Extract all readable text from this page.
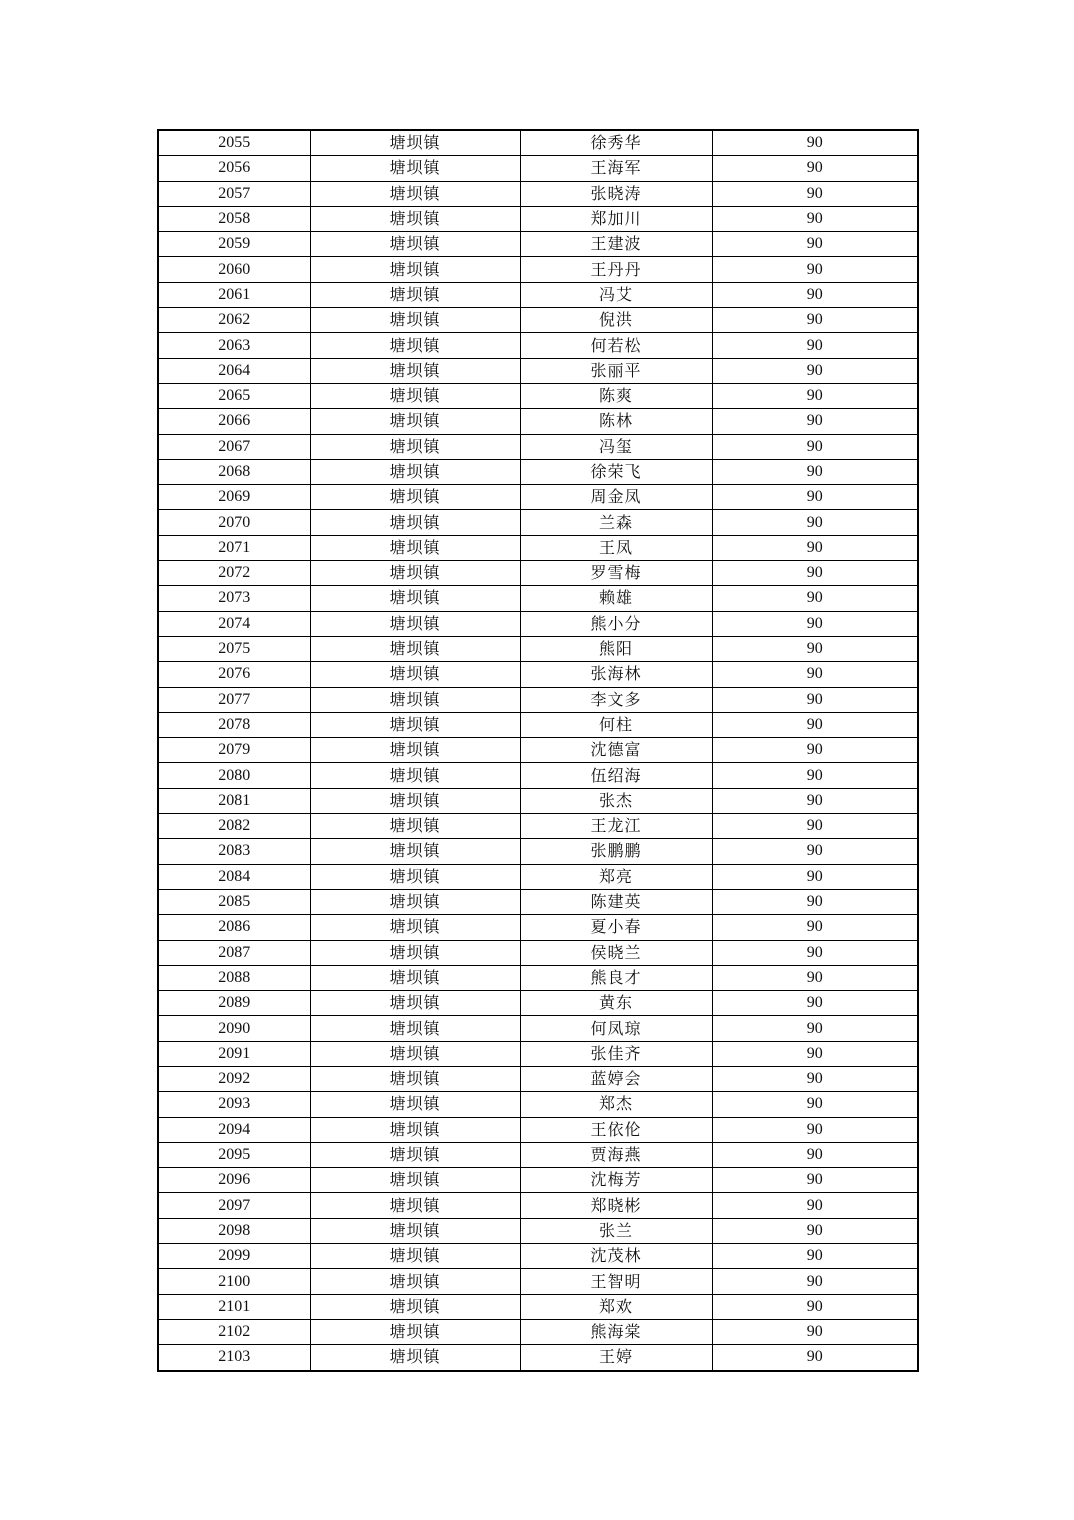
2055	塘坝镇	徐秀华	90
2056	塘坝镇	王海军	90
2057	塘坝镇	张晓涛	90
2058	塘坝镇	郑加川	90
2059	塘坝镇	王建波	90
2060	塘坝镇	王丹丹	90
2061	塘坝镇	冯艾	90
2062	塘坝镇	倪洪	90
2063	塘坝镇	何若松	90
2064	塘坝镇	张丽平	90
2065	塘坝镇	陈爽	90
2066	塘坝镇	陈林	90
2067	塘坝镇	冯玺	90
2068	塘坝镇	徐荣飞	90
2069	塘坝镇	周金凤	90
2070	塘坝镇	兰森	90
2071	塘坝镇	王凤	90
2072	塘坝镇	罗雪梅	90
2073	塘坝镇	赖雄	90
2074	塘坝镇	熊小分	90
2075	塘坝镇	熊阳	90
2076	塘坝镇	张海林	90
2077	塘坝镇	李文多	90
2078	塘坝镇	何柱	90
2079	塘坝镇	沈德富	90
2080	塘坝镇	伍绍海	90
2081	塘坝镇	张杰	90
2082	塘坝镇	王龙江	90
2083	塘坝镇	张鹏鹏	90
2084	塘坝镇	郑亮	90
2085	塘坝镇	陈建英	90
2086	塘坝镇	夏小春	90
2087	塘坝镇	侯晓兰	90
2088	塘坝镇	熊良才	90
2089	塘坝镇	黄东	90
2090	塘坝镇	何凤琼	90
2091	塘坝镇	张佳齐	90
2092	塘坝镇	蓝婷会	90
2093	塘坝镇	郑杰	90
2094	塘坝镇	王依伦	90
2095	塘坝镇	贾海燕	90
2096	塘坝镇	沈梅芳	90
2097	塘坝镇	郑晓彬	90
2098	塘坝镇	张兰	90
2099	塘坝镇	沈茂林	90
2100	塘坝镇	王智明	90
2101	塘坝镇	郑欢	90
2102	塘坝镇	熊海棠	90
2103	塘坝镇	王婷	90
